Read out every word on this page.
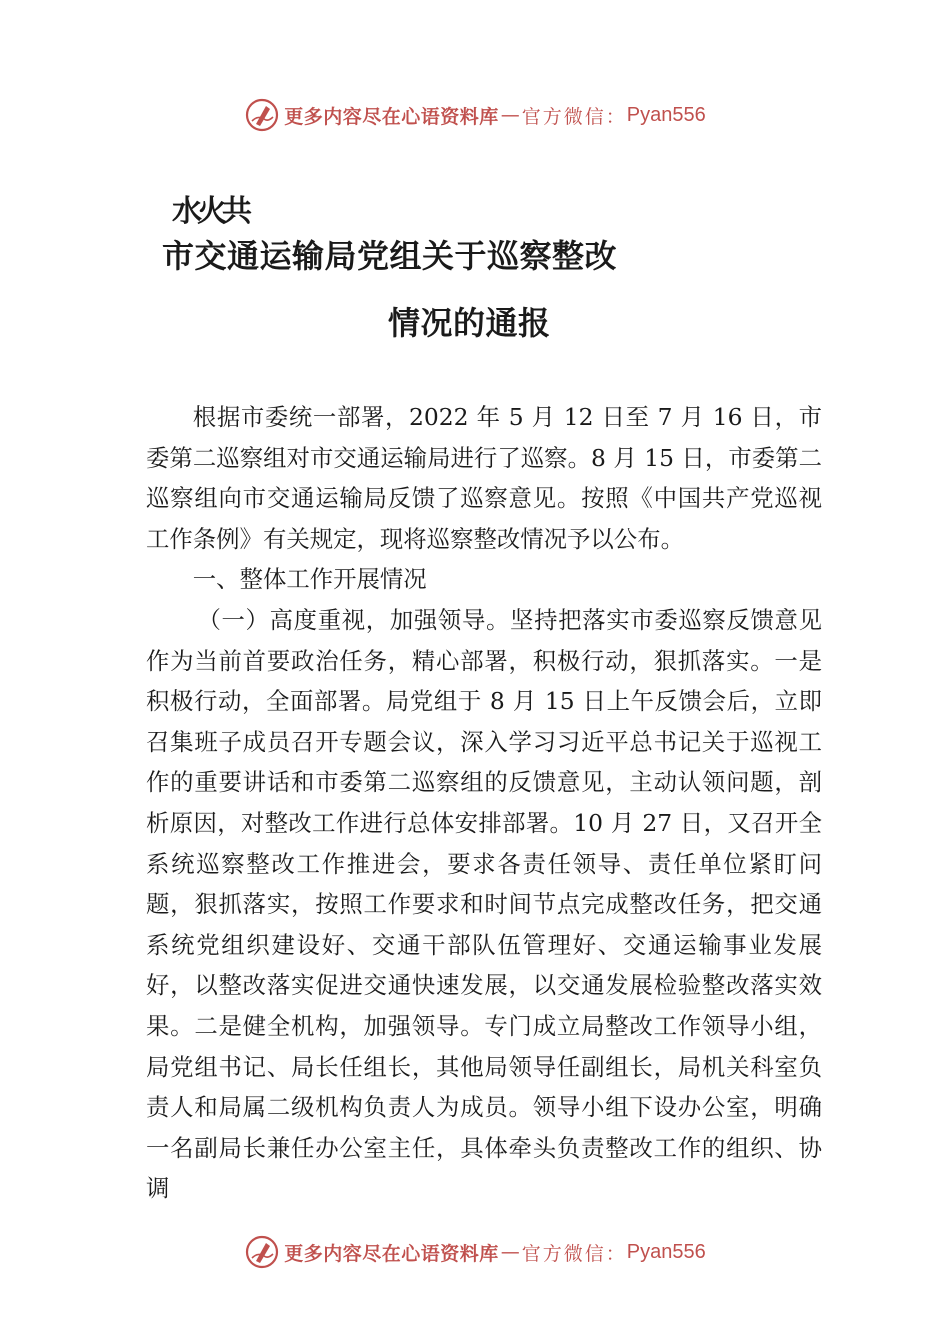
更多内容尽在心语资料库 — 官方微信： Pyan556
水火共
市交通运输局党组关于巡察整改
情况的通报

根据市委统一部署，2022 年 5 月 12 日至 7 月 16 日，市委第二巡察组对市交通运输局进行了巡察。8 月 15 日，市委第二巡察组向市交通运输局反馈了巡察意见。按照《中国共产党巡视工作条例》有关规定，现将巡察整改情况予以公布。

一、整体工作开展情况

（一）高度重视，加强领导。坚持把落实市委巡察反馈意见作为当前首要政治任务，精心部署，积极行动，狠抓落实。一是积极行动，全面部署。局党组于 8 月 15 日上午反馈会后，立即召集班子成员召开专题会议，深入学习习近平总书记关于巡视工作的重要讲话和市委第二巡察组的反馈意见，主动认领问题，剖析原因，对整改工作进行总体安排部署。10 月 27 日，又召开全系统巡察整改工作推进会，要求各责任领导、责任单位紧盯问题，狠抓落实，按照工作要求和时间节点完成整改任务，把交通系统党组织建设好、交通干部队伍管理好、交通运输事业发展好，以整改落实促进交通快速发展，以交通发展检验整改落实效果。二是健全机构，加强领导。专门成立局整改工作领导小组，局党组书记、局长任组长，其他局领导任副组长，局机关科室负责人和局属二级机构负责人为成员。领导小组下设办公室，明确一名副局长兼任办公室主任，具体牵头负责整改工作的组织、协调

更多内容尽在心语资料库 — 官方微信： Pyan556
